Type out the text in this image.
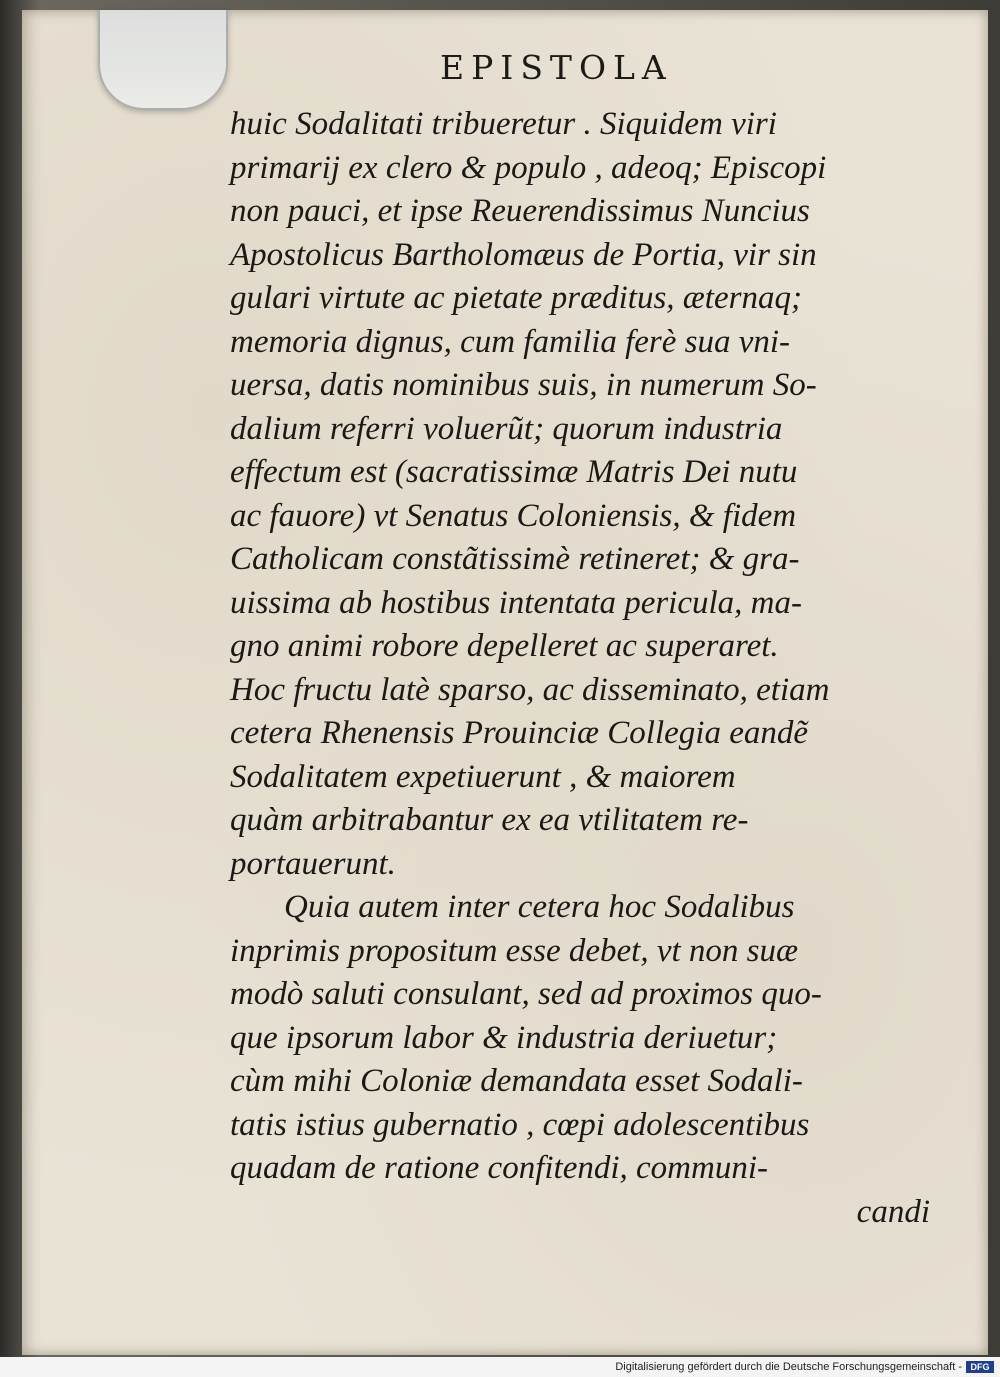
EPISTOLA
huic Sodalitati tribueretur . Siquidem viri
primarij ex clero & populo , adeoq; Episcopi
non pauci, et ipse Reuerendissimus Nuncius
Apostolicus Bartholomæus de Portia, vir sin
gulari virtute ac pietate præditus, æternaq;
memoria dignus, cum familia ferè sua vni-
uersa, datis nominibus suis, in numerum So-
dalium referri voluerũt; quorum industria
effectum est (sacratissimæ Matris Dei nutu
ac fauore) vt Senatus Coloniensis, & fidem
Catholicam constãtissimè retineret; & gra-
uissima ab hostibus intentata pericula, ma-
gno animi robore depelleret ac superaret.
Hoc fructu latè sparso, ac disseminato, etiam
cetera Rhenensis Prouinciæ Collegia eandẽ
Sodalitatem expetiuerunt , & maiorem
quàm arbitrabantur ex ea vtilitatem re-
portauerunt.
Quia autem inter cetera hoc Sodalibus
inprimis propositum esse debet, vt non suæ
modò saluti consulant, sed ad proximos quo-
que ipsorum labor & industria deriuetur;
cùm mihi Coloniæ demandata esset Sodali-
tatis istius gubernatio , cœpi adolescentibus
quadam de ratione confitendi, communi-
candi
Digitalisierung gefördert durch die Deutsche Forschungsgemeinschaft - DFG
